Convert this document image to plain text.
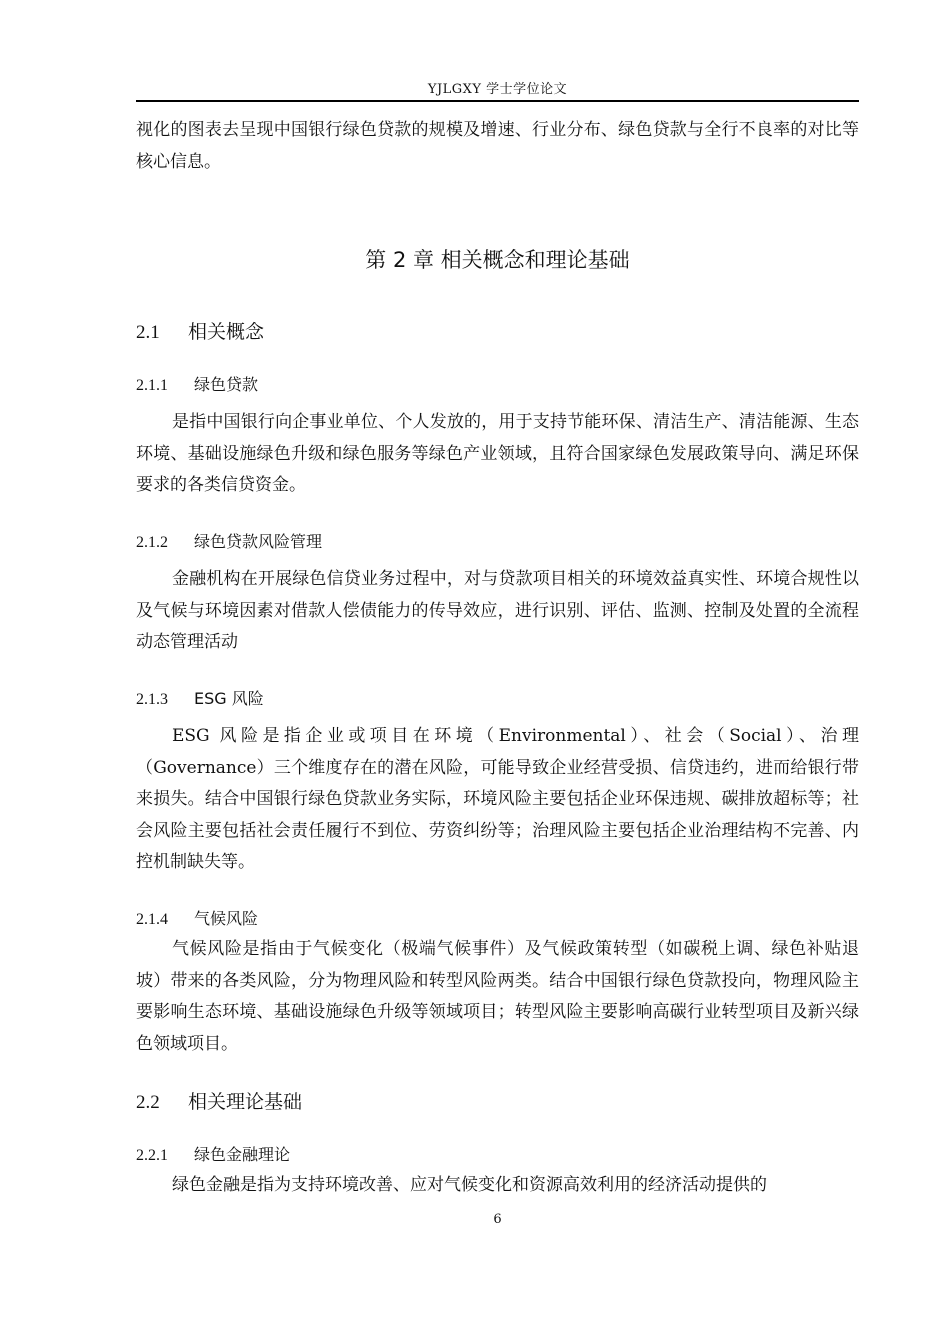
YJLGXY 学士学位论文

视化的图表去呈现中国银行绿色贷款的规模及增速、行业分布、绿色贷款与全行不良率的对比等核心信息。

第 2 章 相关概念和理论基础
2.1 相关概念
2.1.1 绿色贷款

是指中国银行向企事业单位、个人发放的，用于支持节能环保、清洁生产、清洁能源、生态环境、基础设施绿色升级和绿色服务等绿色产业领域，且符合国家绿色发展政策导向、满足环保要求的各类信贷资金。

2.1.2 绿色贷款风险管理

金融机构在开展绿色信贷业务过程中，对与贷款项目相关的环境效益真实性、环境合规性以及气候与环境因素对借款人偿债能力的传导效应，进行识别、评估、监测、控制及处置的全流程动态管理活动

2.1.3 ESG 风险

ESG 风险是指企业或项目在环境（Environmental）、社会（Social）、治理（Governance）三个维度存在的潜在风险，可能导致企业经营受损、信贷违约，进而给银行带来损失。结合中国银行绿色贷款业务实际，环境风险主要包括企业环保违规、碳排放超标等；社会风险主要包括社会责任履行不到位、劳资纠纷等；治理风险主要包括企业治理结构不完善、内控机制缺失等。

2.1.4 气候风险

气候风险是指由于气候变化（极端气候事件）及气候政策转型（如碳税上调、绿色补贴退坡）带来的各类风险，分为物理风险和转型风险两类。结合中国银行绿色贷款投向，物理风险主要影响生态环境、基础设施绿色升级等领域项目；转型风险主要影响高碳行业转型项目及新兴绿色领域项目。

2.2 相关理论基础
2.2.1 绿色金融理论

绿色金融是指为支持环境改善、应对气候变化和资源高效利用的经济活动提供的

6
